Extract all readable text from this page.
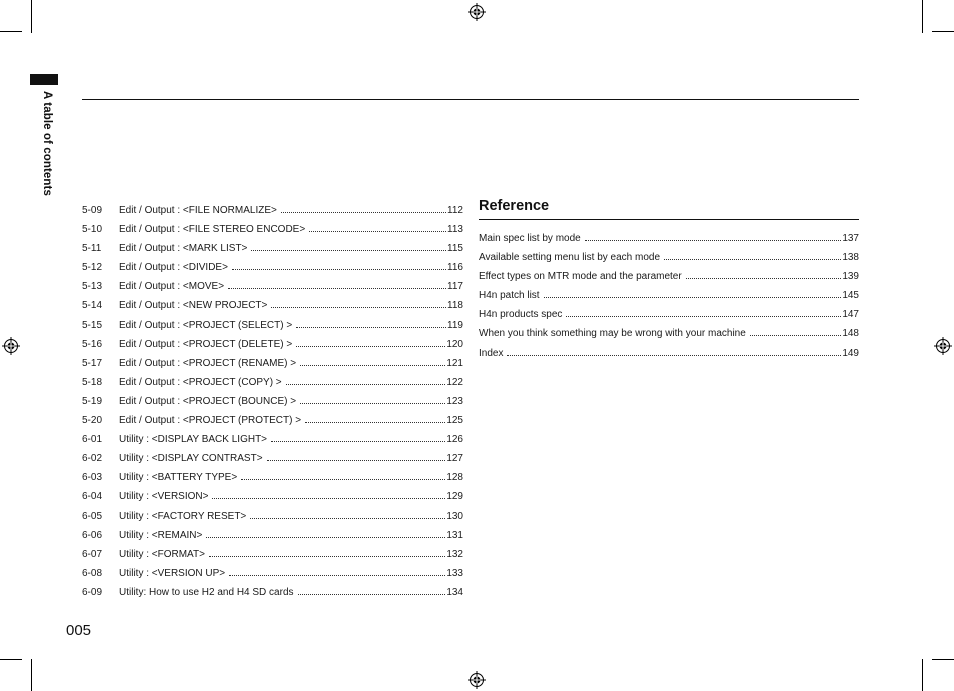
A table of contents
5-09	Edit / Output : <FILE NORMALIZE>	112
5-10	Edit / Output : <FILE STEREO ENCODE>	113
5-11	Edit / Output : <MARK LIST>	115
5-12	Edit / Output : <DIVIDE>	116
5-13	Edit / Output : <MOVE>	117
5-14	Edit / Output : <NEW PROJECT>	118
5-15	Edit / Output : <PROJECT (SELECT) >	119
5-16	Edit / Output : <PROJECT (DELETE) >	120
5-17	Edit / Output : <PROJECT (RENAME) >	121
5-18	Edit / Output : <PROJECT (COPY) >	122
5-19	Edit / Output : <PROJECT (BOUNCE) >	123
5-20	Edit / Output : <PROJECT (PROTECT) >	125
6-01	Utility : <DISPLAY BACK LIGHT>	126
6-02	Utility : <DISPLAY CONTRAST>	127
6-03	Utility : <BATTERY TYPE>	128
6-04	Utility : <VERSION>	129
6-05	Utility : <FACTORY RESET>	130
6-06	Utility : <REMAIN>	131
6-07	Utility : <FORMAT>	132
6-08	Utility : <VERSION UP>	133
6-09	Utility: How to use H2 and H4 SD cards	134
Reference
Main spec list by mode	137
Available setting menu list by each mode	138
Effect types on MTR mode and the parameter	139
H4n patch list	145
H4n products spec	147
When you think something may be wrong with your machine	148
Index	149
005
